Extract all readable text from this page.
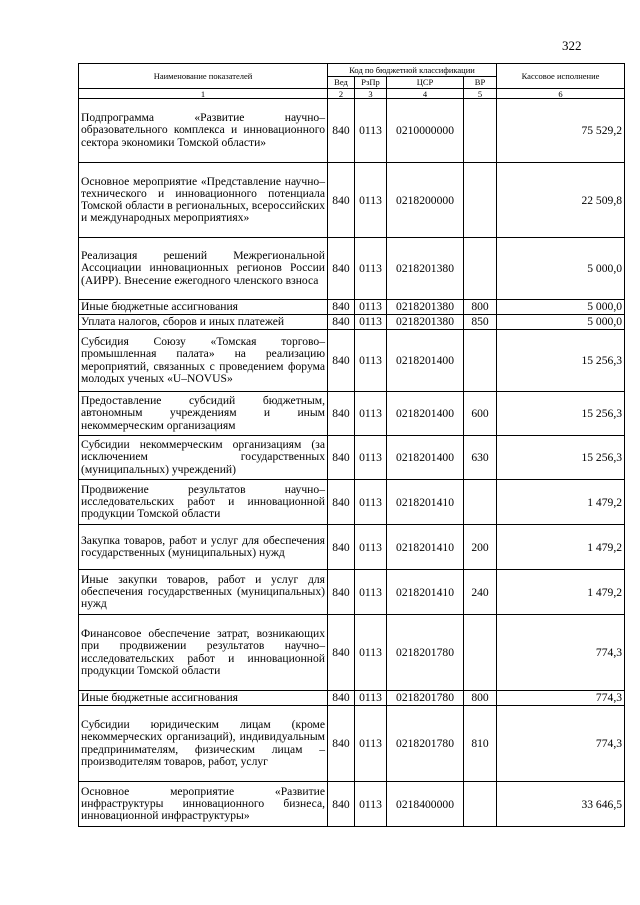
322
Наименование показателей	Код по бюджетной классификации				Кассовое исполнение
	Вед	РзПр	ЦСР	ВР	
1	2	3	4	5	6
Подпрограмма «Развитие научно–образовательного комплекса и инновационного сектора экономики Томской области»	840	0113	0210000000		75 529,2
Основное мероприятие «Представление научно–технического и инновационного потенциала Томской области в региональных, всероссийских и международных мероприятиях»	840	0113	0218200000		22 509,8
Реализация решений Межрегиональной Ассоциации инновационных регионов России (АИРР). Внесение ежегодного членского взноса	840	0113	0218201380		5 000,0
Иные бюджетные ассигнования	840	0113	0218201380	800	5 000,0
Уплата налогов, сборов и иных платежей	840	0113	0218201380	850	5 000,0
Субсидия Союзу «Томская торгово–промышленная палата» на реализацию мероприятий, связанных с проведением форума молодых ученых «U–NOVUS»	840	0113	0218201400		15 256,3
Предоставление субсидий бюджетным, автономным учреждениям и иным некоммерческим организациям	840	0113	0218201400	600	15 256,3
Субсидии некоммерческим организациям (за исключением государственных (муниципальных) учреждений)	840	0113	0218201400	630	15 256,3
Продвижение результатов научно–исследовательских работ и инновационной продукции Томской области	840	0113	0218201410		1 479,2
Закупка товаров, работ и услуг для обеспечения государственных (муниципальных) нужд	840	0113	0218201410	200	1 479,2
Иные закупки товаров, работ и услуг для обеспечения государственных (муниципальных) нужд	840	0113	0218201410	240	1 479,2
Финансовое обеспечение затрат, возникающих при продвижении результатов научно–исследовательских работ и инновационной продукции Томской области	840	0113	0218201780		774,3
Иные бюджетные ассигнования	840	0113	0218201780	800	774,3
Субсидии юридическим лицам (кроме некоммерческих организаций), индивидуальным предпринимателям, физическим лицам – производителям товаров, работ, услуг	840	0113	0218201780	810	774,3
Основное мероприятие «Развитие инфраструктуры инновационного бизнеса, инновационной инфраструктуры»	840	0113	0218400000		33 646,5
